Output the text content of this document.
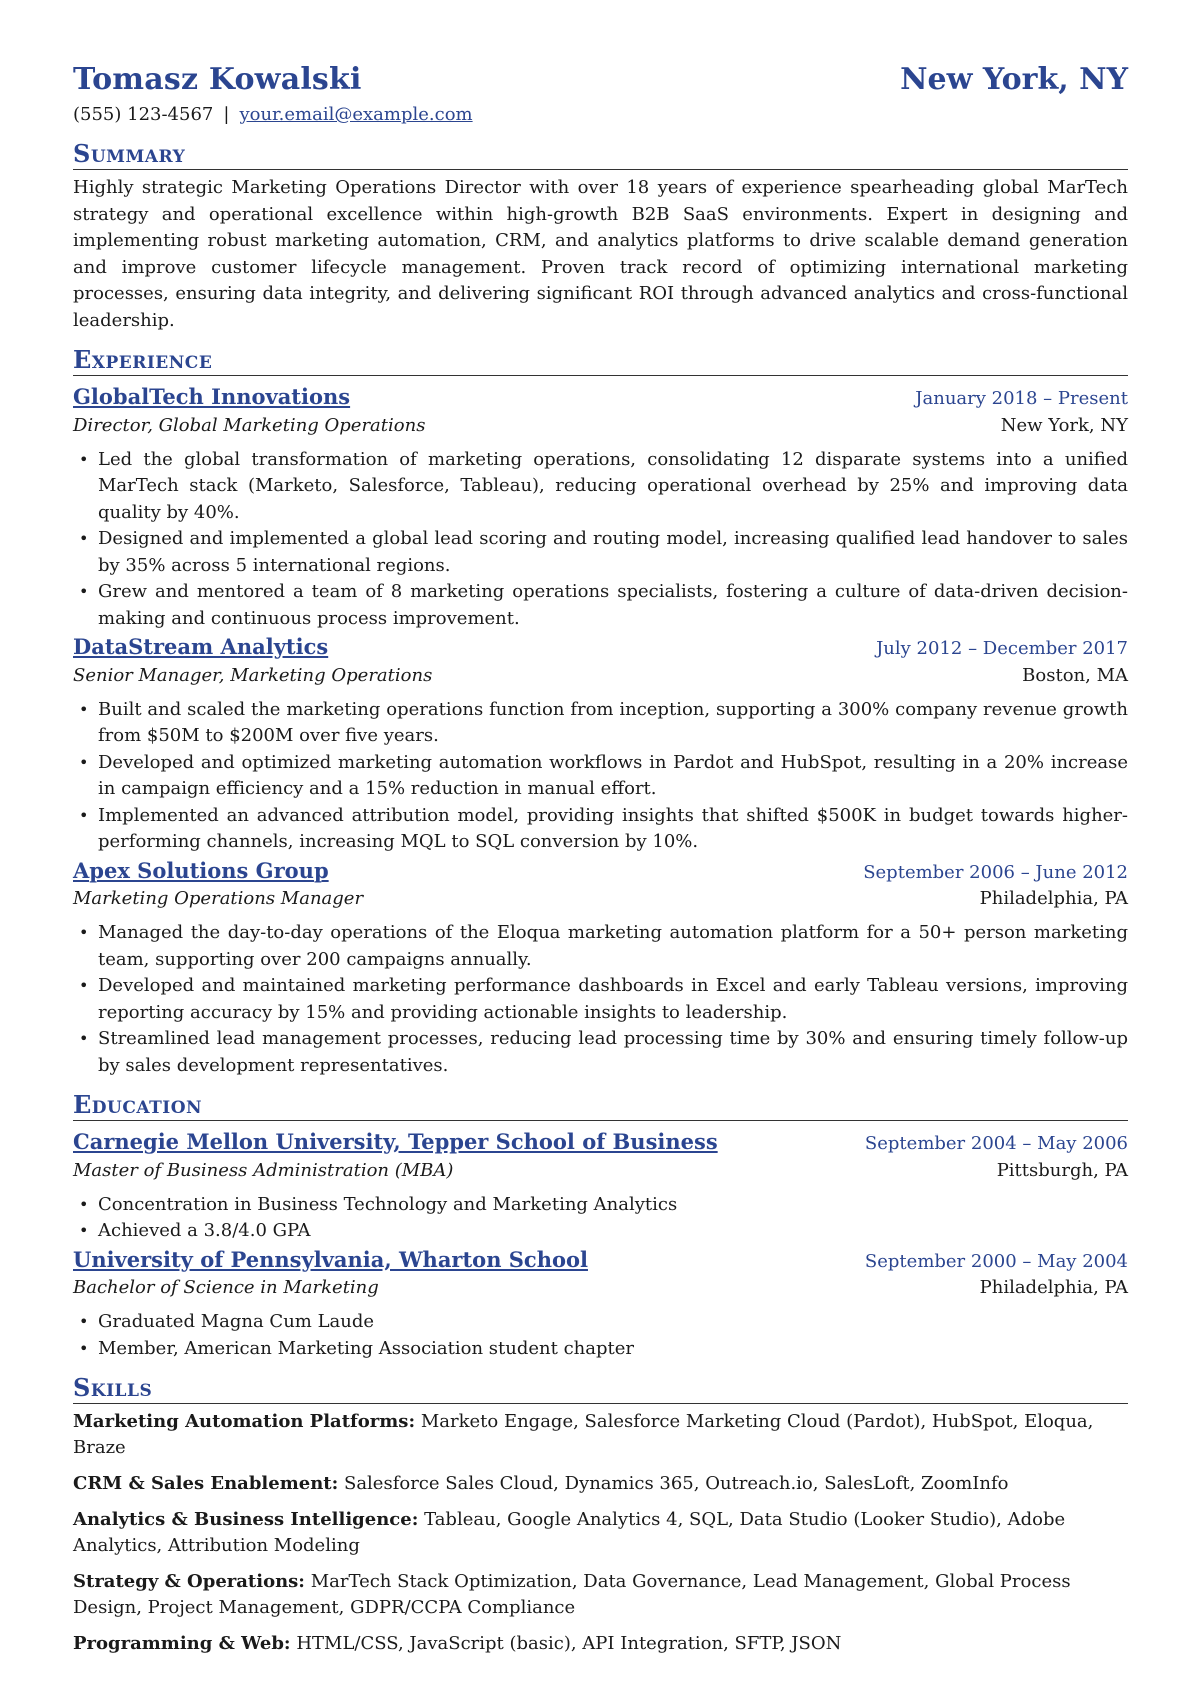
Tomasz Kowalski	New York, NY
(555) 123-4567 | your.email@example.com
Summary
Highly strategic Marketing Operations Director with over 18 years of experience spearheading global MarTech strategy and operational excellence within high-growth B2B SaaS environments. Expert in designing and implementing robust marketing automation, CRM, and analytics platforms to drive scalable demand generation and improve customer lifecycle management. Proven track record of optimizing international marketing processes, ensuring data integrity, and delivering significant ROI through advanced analytics and cross-functional leadership.
Experience
GlobalTech Innovations	January 2018 – Present
Director, Global Marketing Operations	New York, NY
• Led the global transformation of marketing operations, consolidating 12 disparate systems into a unified MarTech stack (Marketo, Salesforce, Tableau), reducing operational overhead by 25% and improving data quality by 40%.
• Designed and implemented a global lead scoring and routing model, increasing qualified lead handover to sales by 35% across 5 international regions.
• Grew and mentored a team of 8 marketing operations specialists, fostering a culture of data-driven decision-making and continuous process improvement.
DataStream Analytics	July 2012 – December 2017
Senior Manager, Marketing Operations	Boston, MA
• Built and scaled the marketing operations function from inception, supporting a 300% company revenue growth from $50M to $200M over five years.
• Developed and optimized marketing automation workflows in Pardot and HubSpot, resulting in a 20% increase in campaign efficiency and a 15% reduction in manual effort.
• Implemented an advanced attribution model, providing insights that shifted $500K in budget towards higher-performing channels, increasing MQL to SQL conversion by 10%.
Apex Solutions Group	September 2006 – June 2012
Marketing Operations Manager	Philadelphia, PA
• Managed the day-to-day operations of the Eloqua marketing automation platform for a 50+ person marketing team, supporting over 200 campaigns annually.
• Developed and maintained marketing performance dashboards in Excel and early Tableau versions, improving reporting accuracy by 15% and providing actionable insights to leadership.
• Streamlined lead management processes, reducing lead processing time by 30% and ensuring timely follow-up by sales development representatives.
Education
Carnegie Mellon University, Tepper School of Business	September 2004 – May 2006
Master of Business Administration (MBA)	Pittsburgh, PA
• Concentration in Business Technology and Marketing Analytics
• Achieved a 3.8/4.0 GPA
University of Pennsylvania, Wharton School	September 2000 – May 2004
Bachelor of Science in Marketing	Philadelphia, PA
• Graduated Magna Cum Laude
• Member, American Marketing Association student chapter
Skills
Marketing Automation Platforms: Marketo Engage, Salesforce Marketing Cloud (Pardot), HubSpot, Eloqua, Braze
CRM & Sales Enablement: Salesforce Sales Cloud, Dynamics 365, Outreach.io, SalesLoft, ZoomInfo
Analytics & Business Intelligence: Tableau, Google Analytics 4, SQL, Data Studio (Looker Studio), Adobe Analytics, Attribution Modeling
Strategy & Operations: MarTech Stack Optimization, Data Governance, Lead Management, Global Process Design, Project Management, GDPR/CCPA Compliance
Programming & Web: HTML/CSS, JavaScript (basic), API Integration, SFTP, JSON
